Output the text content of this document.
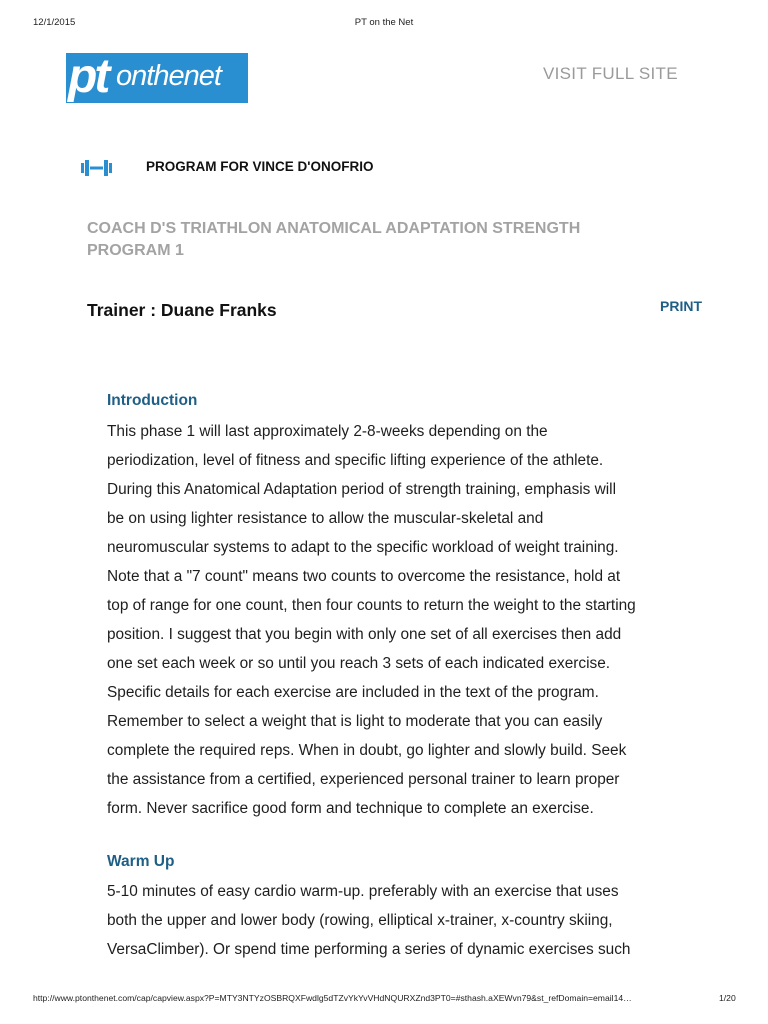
12/1/2015	PT on the Net
pt onthenet	VISIT FULL SITE
PROGRAM FOR VINCE D'ONOFRIO
COACH D'S TRIATHLON ANATOMICAL ADAPTATION STRENGTH
PROGRAM 1
Trainer : Duane Franks	PRINT
Introduction
This phase 1 will last approximately 2-8-weeks depending on the
periodization, level of fitness and specific lifting experience of the athlete.
During this Anatomical Adaptation period of strength training, emphasis will
be on using lighter resistance to allow the muscular-skeletal and
neuromuscular systems to adapt to the specific workload of weight training.
Note that a "7 count" means two counts to overcome the resistance, hold at
top of range for one count, then four counts to return the weight to the starting
position. I suggest that you begin with only one set of all exercises then add
one set each week or so until you reach 3 sets of each indicated exercise.
Specific details for each exercise are included in the text of the program.
Remember to select a weight that is light to moderate that you can easily
complete the required reps. When in doubt, go lighter and slowly build. Seek
the assistance from a certified, experienced personal trainer to learn proper
form. Never sacrifice good form and technique to complete an exercise.
Warm Up
5-10 minutes of easy cardio warm-up. preferably with an exercise that uses
both the upper and lower body (rowing, elliptical x-trainer, x-country skiing,
VersaClimber). Or spend time performing a series of dynamic exercises such
http://www.ptonthenet.com/cap/capview.aspx?P=MTY3NTYzOSBRQXFwdlg5dTZvYkYvVHdNQURXZnd3PT0=#sthash.aXEWvn79&st_refDomain=email14…	1/20
